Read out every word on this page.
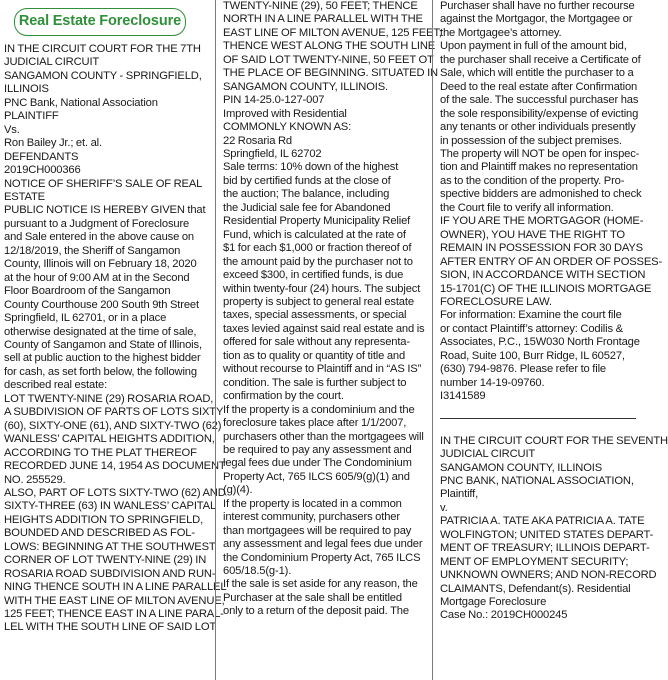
Real Estate Foreclosure
IN THE CIRCUIT COURT FOR THE 7TH
JUDICIAL CIRCUIT
SANGAMON COUNTY - SPRINGFIELD,
ILLINOIS
PNC Bank, National Association
PLAINTIFF
Vs.
Ron Bailey Jr.; et. al.
DEFENDANTS
2019CH000366
NOTICE OF SHERIFF’S SALE OF REAL
ESTATE
PUBLIC NOTICE IS HEREBY GIVEN that
pursuant to a Judgment of Foreclosure
and Sale entered in the above cause on
12/18/2019, the Sheriff of Sangamon
County, Illinois will on February 18, 2020
at the hour of 9:00 AM at in the Second
Floor Boardroom of the Sangamon
County Courthouse 200 South 9th Street
Springfield, IL 62701, or in a place
otherwise designated at the time of sale,
County of Sangamon and State of Illinois,
sell at public auction to the highest bidder
for cash, as set forth below, the following
described real estate:
LOT TWENTY-NINE (29) ROSARIA ROAD,
A SUBDIVISION OF PARTS OF LOTS SIXTY
(60), SIXTY-ONE (61), AND SIXTY-TWO (62)
WANLESS’ CAPITAL HEIGHTS ADDITION,
ACCORDING TO THE PLAT THEREOF
RECORDED JUNE 14, 1954 AS DOCUMENT
NO. 255529.
ALSO, PART OF LOTS SIXTY-TWO (62) AND
SIXTY-THREE (63) IN WANLESS’ CAPITAL
HEIGHTS ADDITION TO SPRINGFIELD,
BOUNDED AND DESCRIBED AS FOL-
LOWS: BEGINNING AT THE SOUTHWEST
CORNER OF LOT TWENTY-NINE (29) IN
ROSARIA ROAD SUBDIVISION AND RUN-
NING THENCE SOUTH IN A LINE PARALLEL
WITH THE EAST LINE OF MILTON AVENUE,
125 FEET; THENCE EAST IN A LINE PARAL-
LEL WITH THE SOUTH LINE OF SAID LOT
TWENTY-NINE (29), 50 FEET; THENCE
NORTH IN A LINE PARALLEL WITH THE
EAST LINE OF MILTON AVENUE, 125 FEET;
THENCE WEST ALONG THE SOUTH LINE
OF SAID LOT TWENTY-NINE, 50 FEET OT
THE PLACE OF BEGINNING. SITUATED IN
SANGAMON COUNTY, ILLINOIS.
PIN 14-25.0-127-007
Improved with Residential
COMMONLY KNOWN AS:
22 Rosaria Rd
Springfield, IL 62702
Sale terms: 10% down of the highest
bid by certified funds at the close of
the auction; The balance, including
the Judicial sale fee for Abandoned
Residential Property Municipality Relief
Fund, which is calculated at the rate of
$1 for each $1,000 or fraction thereof of
the amount paid by the purchaser not to
exceed $300, in certified funds, is due
within twenty-four (24) hours. The subject
property is subject to general real estate
taxes, special assessments, or special
taxes levied against said real estate and is
offered for sale without any representa-
tion as to quality or quantity of title and
without recourse to Plaintiff and in “AS IS”
condition. The sale is further subject to
confirmation by the court.
If the property is a condominium and the
foreclosure takes place after 1/1/2007,
purchasers other than the mortgagees will
be required to pay any assessment and
legal fees due under The Condominium
Property Act, 765 ILCS 605/9(g)(1) and
(g)(4).
If the property is located in a common
interest community, purchasers other
than mortgagees will be required to pay
any assessment and legal fees due under
the Condominium Property Act, 765 ILCS
605/18.5(g-1).
If the sale is set aside for any reason, the
Purchaser at the sale shall be entitled
only to a return of the deposit paid. The
Purchaser shall have no further recourse
against the Mortgagor, the Mortgagee or
the Mortgagee’s attorney.
Upon payment in full of the amount bid,
the purchaser shall receive a Certificate of
Sale, which will entitle the purchaser to a
Deed to the real estate after Confirmation
of the sale. The successful purchaser has
the sole responsibility/expense of evicting
any tenants or other individuals presently
in possession of the subject premises.
The property will NOT be open for inspec-
tion and Plaintiff makes no representation
as to the condition of the property. Pro-
spective bidders are admonished to check
the Court file to verify all information.
IF YOU ARE THE MORTGAGOR (HOME-
OWNER), YOU HAVE THE RIGHT TO
REMAIN IN POSSESSION FOR 30 DAYS
AFTER ENTRY OF AN ORDER OF POSSES-
SION, IN ACCORDANCE WITH SECTION
15-1701(C) OF THE ILLINOIS MORTGAGE
FORECLOSURE LAW.
For information: Examine the court file
or contact Plaintiff’s attorney: Codilis &
Associates, P.C., 15W030 North Frontage
Road, Suite 100, Burr Ridge, IL 60527,
(630) 794-9876. Please refer to file
number 14-19-09760.
I3141589
IN THE CIRCUIT COURT FOR THE SEVENTH
JUDICIAL CIRCUIT
SANGAMON COUNTY, ILLINOIS
PNC BANK, NATIONAL ASSOCIATION,
Plaintiff,
v.
PATRICIA A. TATE AKA PATRICIA A. TATE
WOLFINGTON; UNITED STATES DEPART-
MENT OF TREASURY; ILLINOIS DEPART-
MENT OF EMPLOYMENT SECURITY;
UNKNOWN OWNERS; AND NON-RECORD
CLAIMANTS, Defendant(s). Residential
Mortgage Foreclosure
Case No.: 2019CH000245
